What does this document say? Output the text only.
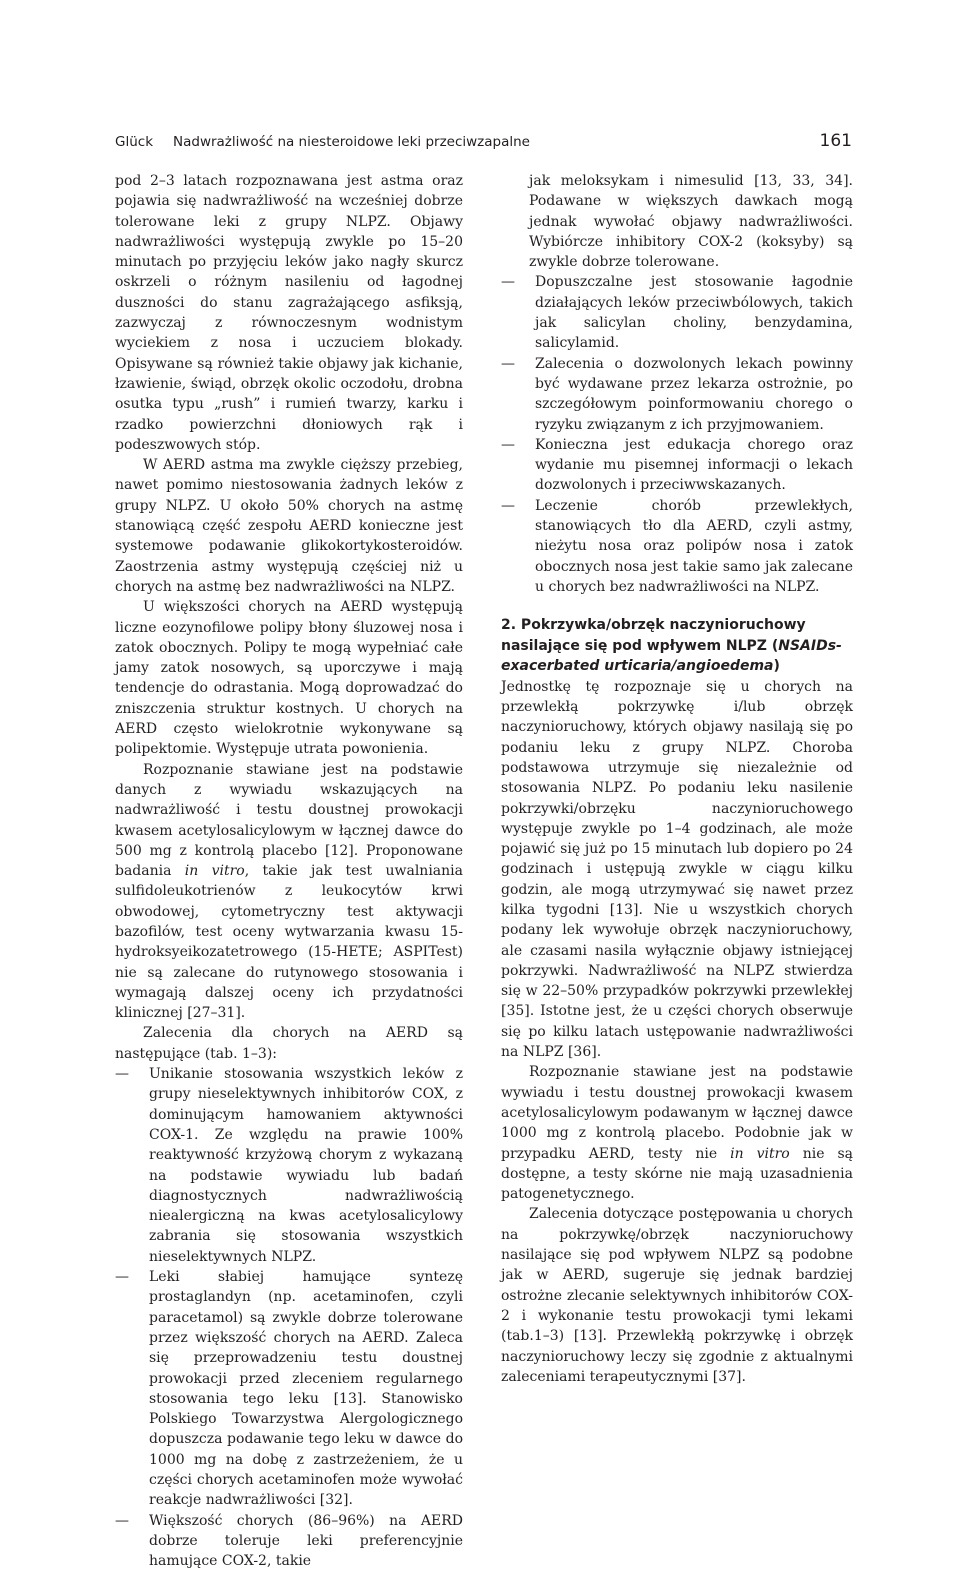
Glück Nadwrażliwość na niesteroidowe leki przeciwzapalne	161

pod 2–3 latach rozpoznawana jest astma oraz pojawia się nadwrażliwość na wcześniej dobrze tolerowane leki z grupy NLPZ. Objawy nadwrażliwości występują zwykle po 15–20 minutach po przyjęciu leków jako nagły skurcz oskrzeli o różnym nasileniu od łagodnej duszności do stanu zagrażającego asfiksją, zazwyczaj z równoczesnym wodnistym wyciekiem z nosa i uczuciem blokady. Opisywane są również takie objawy jak kichanie, łzawienie, świąd, obrzęk okolic oczodołu, drobna osutka typu „rush” i rumień twarzy, karku i rzadko powierzchni dłoniowych rąk i podeszwowych stóp.

W AERD astma ma zwykle cięższy przebieg, nawet pomimo niestosowania żadnych leków z grupy NLPZ. U około 50% chorych na astmę stanowiącą część zespołu AERD konieczne jest systemowe podawanie glikokortykosteroidów. Zaostrzenia astmy występują częściej niż u chorych na astmę bez nadwrażliwości na NLPZ.

U większości chorych na AERD występują liczne eozynofilowe polipy błony śluzowej nosa i zatok obocznych. Polipy te mogą wypełniać całe jamy zatok nosowych, są uporczywe i mają tendencje do odrastania. Mogą doprowadzać do zniszczenia struktur kostnych. U chorych na AERD często wielokrotnie wykonywane są polipektomie. Występuje utrata powonienia.

Rozpoznanie stawiane jest na podstawie danych z wywiadu wskazujących na nadwrażliwość i testu doustnej prowokacji kwasem acetylosalicylowym w łącznej dawce do 500 mg z kontrolą placebo [12]. Proponowane badania in vitro, takie jak test uwalniania sulfidoleukotrienów z leukocytów krwi obwodowej, cytometryczny test aktywacji bazofilów, test oceny wytwarzania kwasu 15-hydroksyeikozatetrowego (15-HETE; ASPITest) nie są zalecane do rutynowego stosowania i wymagają dalszej oceny ich przydatności klinicznej [27–31].

Zalecenia dla chorych na AERD są następujące (tab. 1–3):

— Unikanie stosowania wszystkich leków z grupy nieselektywnych inhibitorów COX, z dominującym hamowaniem aktywności COX-1. Ze względu na prawie 100% reaktywność krzyżową chorym z wykazaną na podstawie wywiadu lub badań diagnostycznych nadwrażliwością niealergiczną na kwas acetylosalicylowy zabrania się stosowania wszystkich nieselektywnych NLPZ.
— Leki słabiej hamujące syntezę prostaglandyn (np. acetaminofen, czyli paracetamol) są zwykle dobrze tolerowane przez większość chorych na AERD. Zaleca się przeprowadzeniu testu doustnej prowokacji przed zleceniem regularnego stosowania tego leku [13]. Stanowisko Polskiego Towarzystwa Alergologicznego dopuszcza podawanie tego leku w dawce do 1000 mg na dobę z zastrzeżeniem, że u części chorych acetaminofen może wywołać reakcje nadwrażliwości [32].
— Większość chorych (86–96%) na AERD dobrze toleruje leki preferencyjnie hamujące COX-2, takie

jak meloksykam i nimesulid [13, 33, 34]. Podawane w większych dawkach mogą jednak wywołać objawy nadwrażliwości. Wybiórcze inhibitory COX-2 (koksyby) są zwykle dobrze tolerowane.

— Dopuszczalne jest stosowanie łagodnie działających leków przeciwbólowych, takich jak salicylan choliny, benzydamina, salicylamid.
— Zalecenia o dozwolonych lekach powinny być wydawane przez lekarza ostrożnie, po szczegółowym poinformowaniu chorego o ryzyku związanym z ich przyjmowaniem.
— Konieczna jest edukacja chorego oraz wydanie mu pisemnej informacji o lekach dozwolonych i przeciwwskazanych.
— Leczenie chorób przewlekłych, stanowiących tło dla AERD, czyli astmy, nieżytu nosa oraz polipów nosa i zatok obocznych nosa jest takie samo jak zalecane u chorych bez nadwrażliwości na NLPZ.
2. Pokrzywka/obrzęk naczynioruchowy nasilające się pod wpływem NLPZ (NSAIDs-exacerbated urticaria/angioedema)

Jednostkę tę rozpoznaje się u chorych na przewlekłą pokrzywkę i/lub obrzęk naczynioruchowy, których objawy nasilają się po podaniu leku z grupy NLPZ. Choroba podstawowa utrzymuje się niezależnie od stosowania NLPZ. Po podaniu leku nasilenie pokrzywki/obrzęku naczynioruchowego występuje zwykle po 1–4 godzinach, ale może pojawić się już po 15 minutach lub dopiero po 24 godzinach i ustępują zwykle w ciągu kilku godzin, ale mogą utrzymywać się nawet przez kilka tygodni [13]. Nie u wszystkich chorych podany lek wywołuje obrzęk naczynioruchowy, ale czasami nasila wyłącznie objawy istniejącej pokrzywki. Nadwrażliwość na NLPZ stwierdza się w 22–50% przypadków pokrzywki przewlekłej [35]. Istotne jest, że u części chorych obserwuje się po kilku latach ustępowanie nadwrażliwości na NLPZ [36].

Rozpoznanie stawiane jest na podstawie wywiadu i testu doustnej prowokacji kwasem acetylosalicylowym podawanym w łącznej dawce 1000 mg z kontrolą placebo. Podobnie jak w przypadku AERD, testy nie in vitro nie są dostępne, a testy skórne nie mają uzasadnienia patogenetycznego.

Zalecenia dotyczące postępowania u chorych na pokrzywkę/obrzęk naczynioruchowy nasilające się pod wpływem NLPZ są podobne jak w AERD, sugeruje się jednak bardziej ostrożne zlecanie selektywnych inhibitorów COX-2 i wykonanie testu prowokacji tymi lekami (tab.1–3) [13]. Przewlekłą pokrzywkę i obrzęk naczynioruchowy leczy się zgodnie z aktualnymi zaleceniami terapeutycznymi [37].
